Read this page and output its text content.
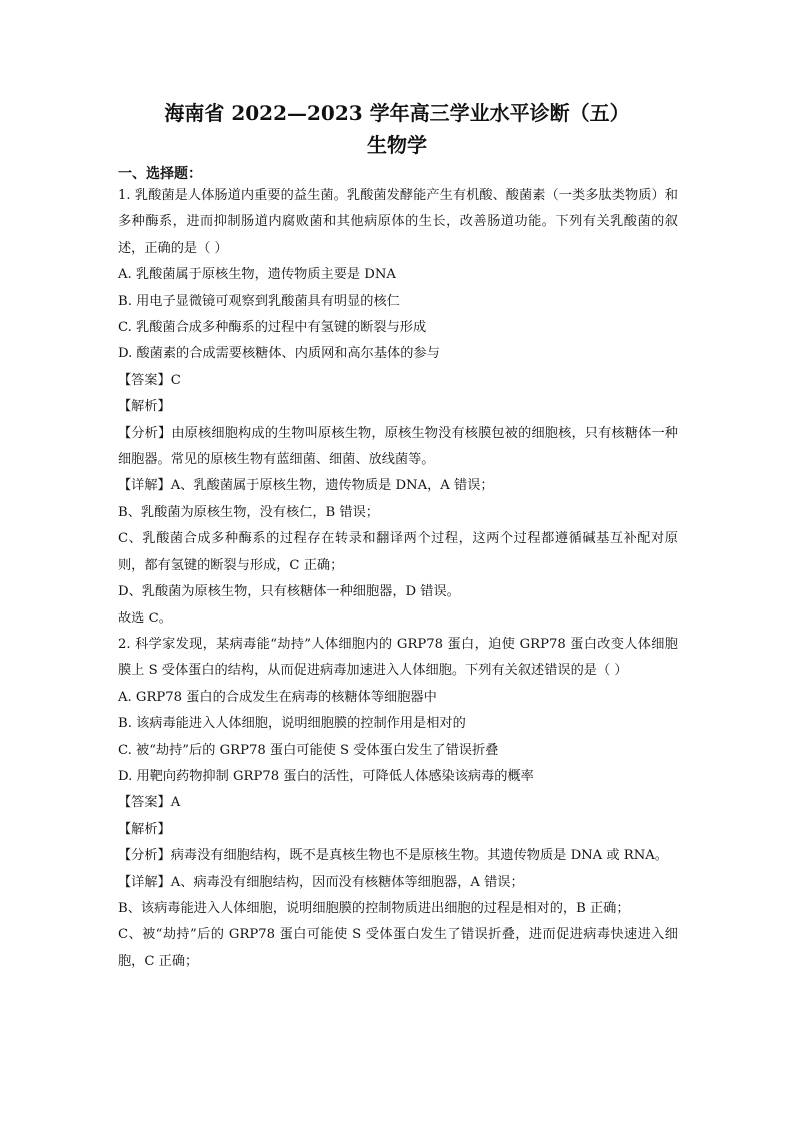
海南省 2022—2023 学年高三学业水平诊断（五）
生物学
一、选择题：

1. 乳酸菌是人体肠道内重要的益生菌。乳酸菌发酵能产生有机酸、酸菌素（一类多肽类物质）和多种酶系，进而抑制肠道内腐败菌和其他病原体的生长，改善肠道功能。下列有关乳酸菌的叙述，正确的是（ ）

A. 乳酸菌属于原核生物，遗传物质主要是 DNA

B. 用电子显微镜可观察到乳酸菌具有明显的核仁

C. 乳酸菌合成多种酶系的过程中有氢键的断裂与形成

D. 酸菌素的合成需要核糖体、内质网和高尔基体的参与

【答案】C

【解析】

【分析】由原核细胞构成的生物叫原核生物，原核生物没有核膜包被的细胞核，只有核糖体一种细胞器。常见的原核生物有蓝细菌、细菌、放线菌等。

【详解】A、乳酸菌属于原核生物，遗传物质是 DNA，A 错误；

B、乳酸菌为原核生物，没有核仁，B 错误；

C、乳酸菌合成多种酶系的过程存在转录和翻译两个过程，这两个过程都遵循碱基互补配对原则，都有氢键的断裂与形成，C 正确；

D、乳酸菌为原核生物，只有核糖体一种细胞器，D 错误。

故选 C。

2. 科学家发现，某病毒能“劫持”人体细胞内的 GRP78 蛋白，迫使 GRP78 蛋白改变人体细胞膜上 S 受体蛋白的结构，从而促进病毒加速进入人体细胞。下列有关叙述错误的是（ ）

A. GRP78 蛋白的合成发生在病毒的核糖体等细胞器中

B. 该病毒能进入人体细胞，说明细胞膜的控制作用是相对的

C. 被“劫持”后的 GRP78 蛋白可能使 S 受体蛋白发生了错误折叠

D. 用靶向药物抑制 GRP78 蛋白的活性，可降低人体感染该病毒的概率

【答案】A

【解析】

【分析】病毒没有细胞结构，既不是真核生物也不是原核生物。其遗传物质是 DNA 或 RNA。

【详解】A、病毒没有细胞结构，因而没有核糖体等细胞器，A 错误；

B、该病毒能进入人体细胞，说明细胞膜的控制物质进出细胞的过程是相对的，B 正确；

C、被“劫持”后的 GRP78 蛋白可能使 S 受体蛋白发生了错误折叠，进而促进病毒快速进入细胞，C 正确；
